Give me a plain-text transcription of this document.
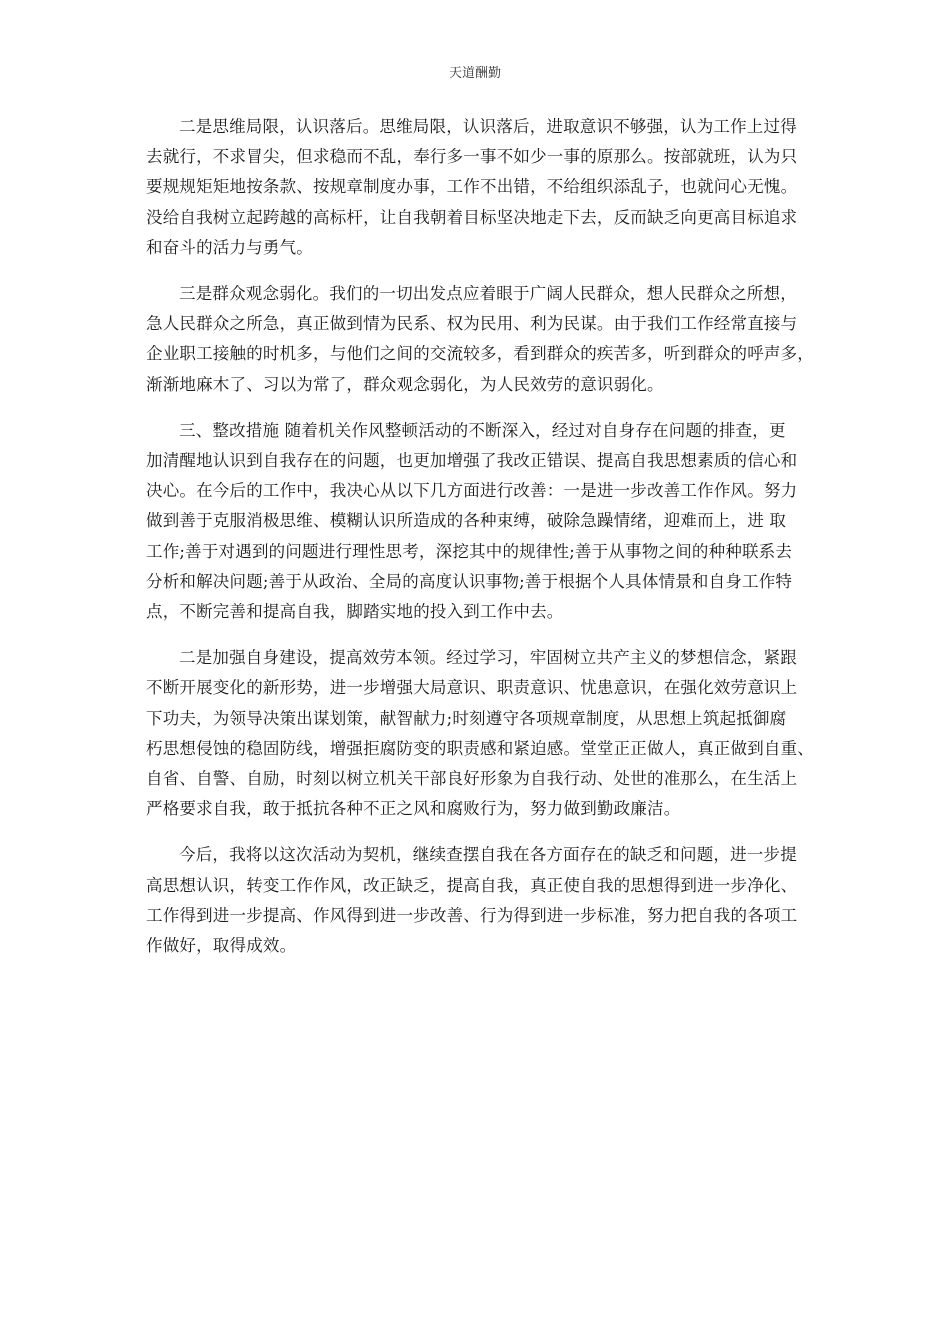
天道酬勤

二是思维局限，认识落后。思维局限，认识落后，进取意识不够强，认为工作上过得
去就行，不求冒尖，但求稳而不乱，奉行多一事不如少一事的原那么。按部就班，认为只
要规规矩矩地按条款、按规章制度办事，工作不出错，不给组织添乱子，也就问心无愧。
没给自我树立起跨越的高标杆，让自我朝着目标坚决地走下去，反而缺乏向更高目标追求
和奋斗的活力与勇气。

三是群众观念弱化。我们的一切出发点应着眼于广阔人民群众，想人民群众之所想，
急人民群众之所急，真正做到情为民系、权为民用、利为民谋。由于我们工作经常直接与
企业职工接触的时机多，与他们之间的交流较多，看到群众的疾苦多，听到群众的呼声多，
渐渐地麻木了、习以为常了，群众观念弱化，为人民效劳的意识弱化。

三、整改措施 随着机关作风整顿活动的不断深入，经过对自身存在问题的排查，更
加清醒地认识到自我存在的问题，也更加增强了我改正错误、提高自我思想素质的信心和
决心。在今后的工作中，我决心从以下几方面进行改善：一是进一步改善工作作风。努力
做到善于克服消极思维、模糊认识所造成的各种束缚，破除急躁情绪，迎难而上，进 取
工作;善于对遇到的问题进行理性思考，深挖其中的规律性;善于从事物之间的种种联系去
分析和解决问题;善于从政治、全局的高度认识事物;善于根据个人具体情景和自身工作特
点，不断完善和提高自我，脚踏实地的投入到工作中去。

二是加强自身建设，提高效劳本领。经过学习，牢固树立共产主义的梦想信念，紧跟
不断开展变化的新形势，进一步增强大局意识、职责意识、忧患意识，在强化效劳意识上
下功夫，为领导决策出谋划策，献智献力;时刻遵守各项规章制度，从思想上筑起抵御腐
朽思想侵蚀的稳固防线，增强拒腐防变的职责感和紧迫感。堂堂正正做人，真正做到自重、
自省、自警、自励，时刻以树立机关干部良好形象为自我行动、处世的准那么，在生活上
严格要求自我，敢于抵抗各种不正之风和腐败行为，努力做到勤政廉洁。

今后，我将以这次活动为契机，继续查摆自我在各方面存在的缺乏和问题，进一步提
高思想认识，转变工作作风，改正缺乏，提高自我，真正使自我的思想得到进一步净化、
工作得到进一步提高、作风得到进一步改善、行为得到进一步标准，努力把自我的各项工
作做好，取得成效。
